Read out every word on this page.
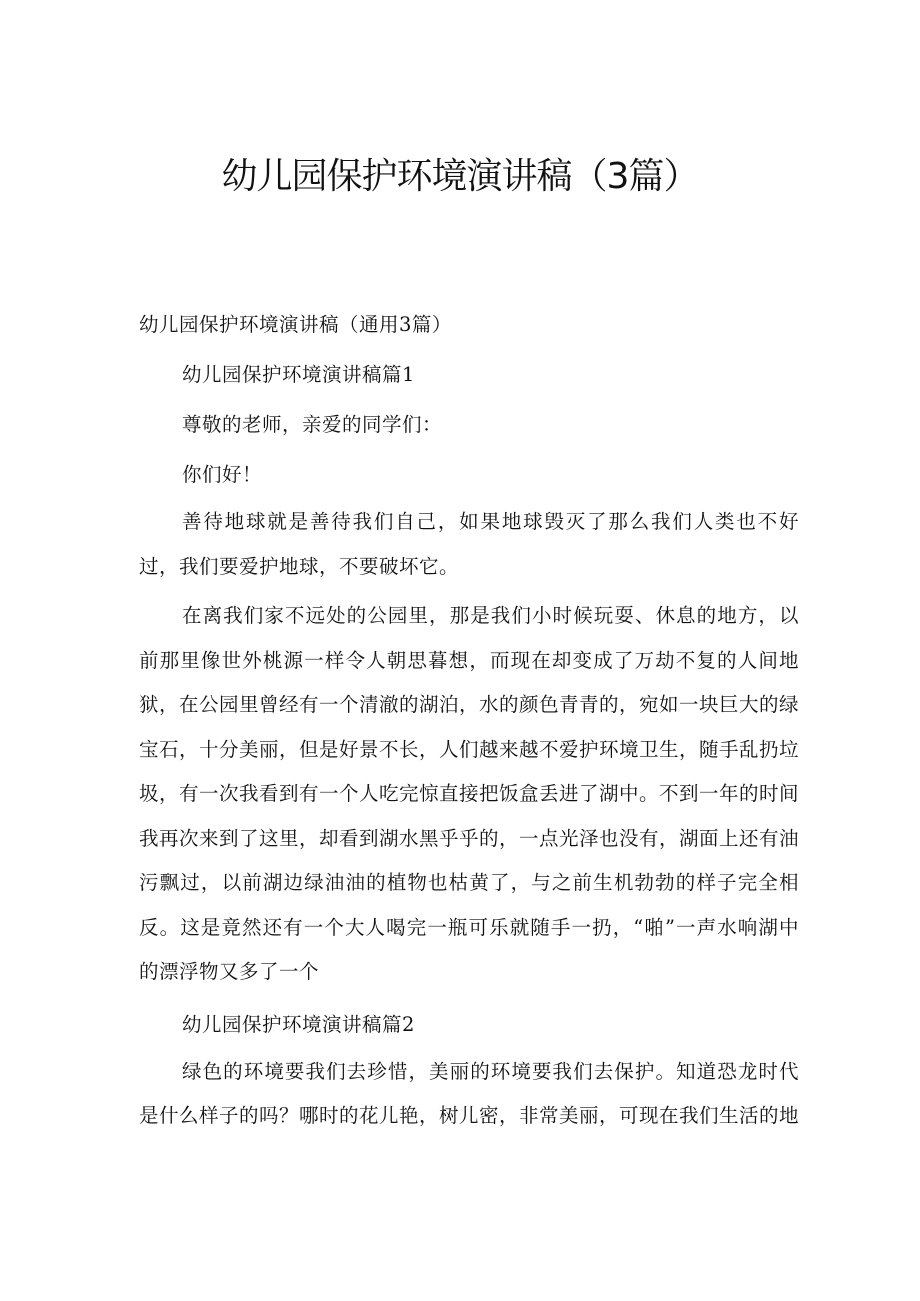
幼儿园保护环境演讲稿（3篇）

幼儿园保护环境演讲稿（通用3篇）

幼儿园保护环境演讲稿篇1

尊敬的老师，亲爱的同学们：

你们好！

善待地球就是善待我们自己，如果地球毁灭了那么我们人类也不好过，我们要爱护地球，不要破坏它。

在离我们家不远处的公园里，那是我们小时候玩耍、休息的地方，以前那里像世外桃源一样令人朝思暮想，而现在却变成了万劫不复的人间地狱，在公园里曾经有一个清澈的湖泊，水的颜色青青的，宛如一块巨大的绿宝石，十分美丽，但是好景不长，人们越来越不爱护环境卫生，随手乱扔垃圾，有一次我看到有一个人吃完惊直接把饭盒丢进了湖中。不到一年的时间我再次来到了这里，却看到湖水黑乎乎的，一点光泽也没有，湖面上还有油污飘过，以前湖边绿油油的植物也枯黄了，与之前生机勃勃的样子完全相反。这是竟然还有一个大人喝完一瓶可乐就随手一扔，“啪”一声水响湖中的漂浮物又多了一个

幼儿园保护环境演讲稿篇2

绿色的环境要我们去珍惜，美丽的环境要我们去保护。知道恐龙时代是什么样子的吗？哪时的花儿艳，树儿密，非常美丽，可现在我们生活的地
